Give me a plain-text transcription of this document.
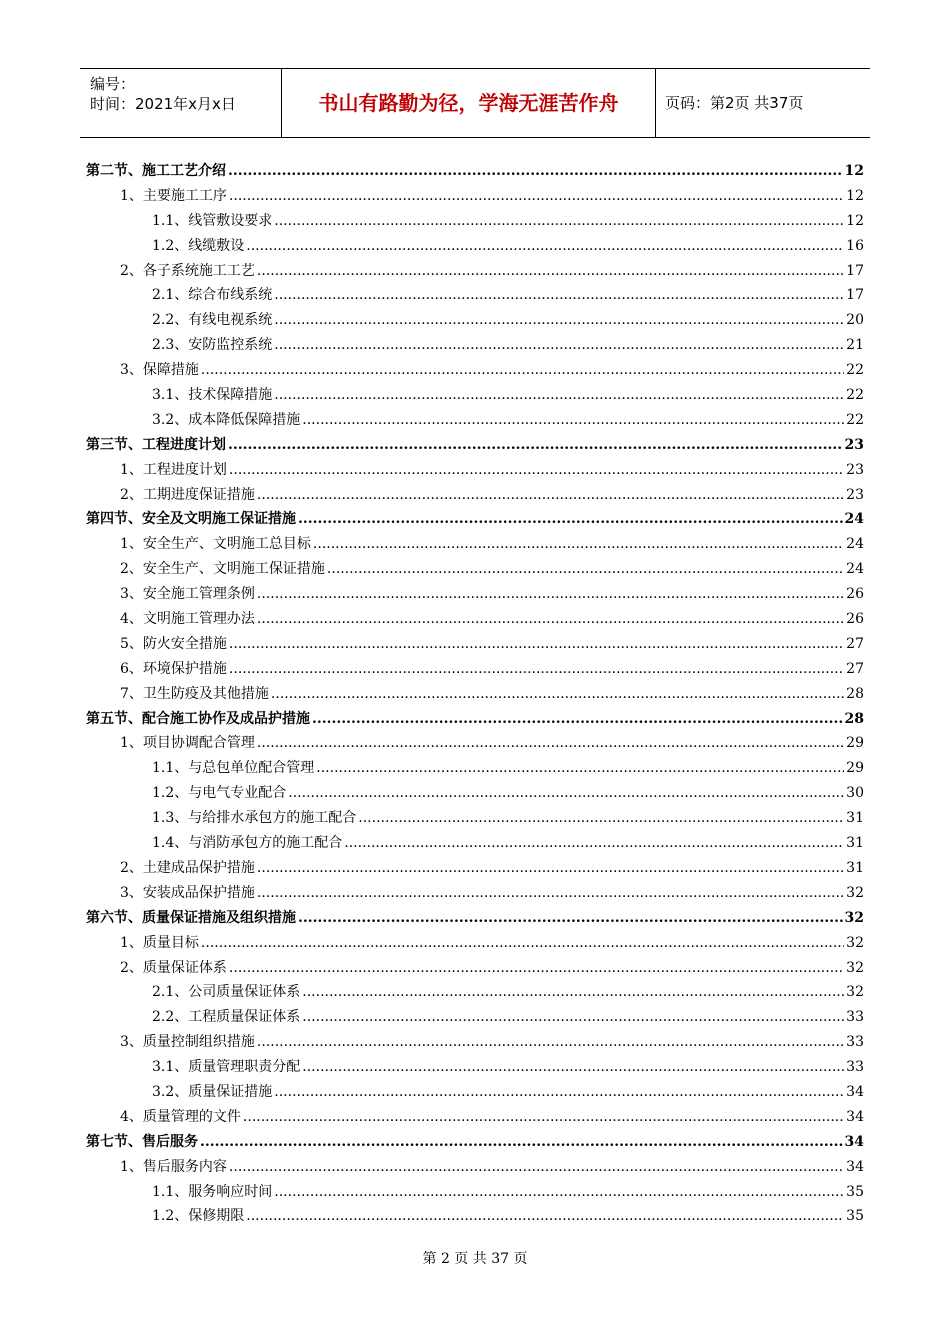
编号：
时间：2021年x月x日	书山有路勤为径，学海无涯苦作舟	页码：第2页 共37页
第二节、施工工艺介绍 .....	12
1、主要施工工序 .....	12
1.1、线管敷设要求 .....	12
1.2、线缆敷设 .....	16
2、各子系统施工工艺 .....	17
2.1、综合布线系统 .....	17
2.2、有线电视系统 .....	20
2.3、安防监控系统 .....	21
3、保障措施 .....	22
3.1、技术保障措施 .....	22
3.2、成本降低保障措施 .....	22
第三节、工程进度计划 .....	23
1、工程进度计划 .....	23
2、工期进度保证措施 .....	23
第四节、安全及文明施工保证措施 .....	24
1、安全生产、文明施工总目标 .....	24
2、安全生产、文明施工保证措施 .....	24
3、安全施工管理条例 .....	26
4、文明施工管理办法 .....	26
5、防火安全措施 .....	27
6、环境保护措施 .....	27
7、卫生防疫及其他措施 .....	28
第五节、配合施工协作及成品护措施 .....	28
1、项目协调配合管理 .....	29
1.1、与总包单位配合管理 .....	29
1.2、与电气专业配合 .....	30
1.3、与给排水承包方的施工配合 .....	31
1.4、与消防承包方的施工配合 .....	31
2、土建成品保护措施 .....	31
3、安装成品保护措施 .....	32
第六节、质量保证措施及组织措施 .....	32
1、质量目标 .....	32
2、质量保证体系 .....	32
2.1、公司质量保证体系 .....	32
2.2、工程质量保证体系 .....	33
3、质量控制组织措施 .....	33
3.1、质量管理职责分配 .....	33
3.2、质量保证措施 .....	34
4、质量管理的文件 .....	34
第七节、售后服务 .....	34
1、售后服务内容 .....	34
1.1、服务响应时间 .....	35
1.2、保修期限 .....	35
第 2 页 共 37 页
